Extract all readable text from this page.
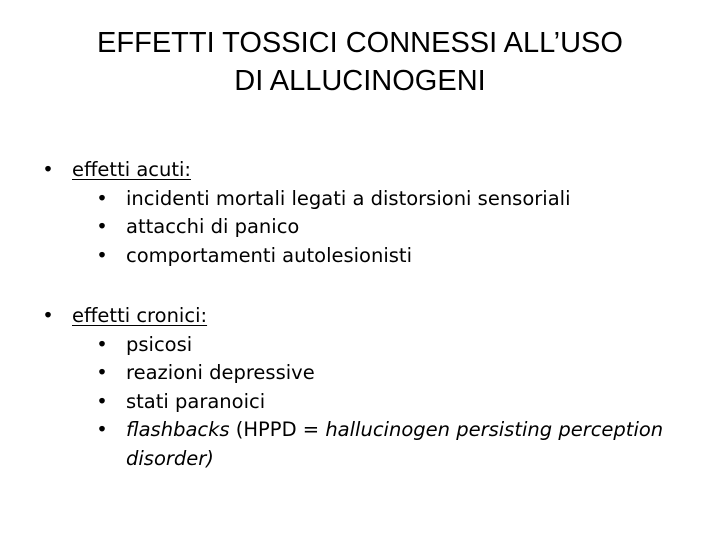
EFFETTI TOSSICI CONNESSI ALL’USO
DI ALLUCINOGENI
• effetti acuti:
• incidenti mortali legati a distorsioni sensoriali
• attacchi di panico
• comportamenti autolesionisti
• effetti cronici:
• psicosi
• reazioni depressive
• stati paranoici
• flashbacks (HPPD = hallucinogen persisting perception disorder)
